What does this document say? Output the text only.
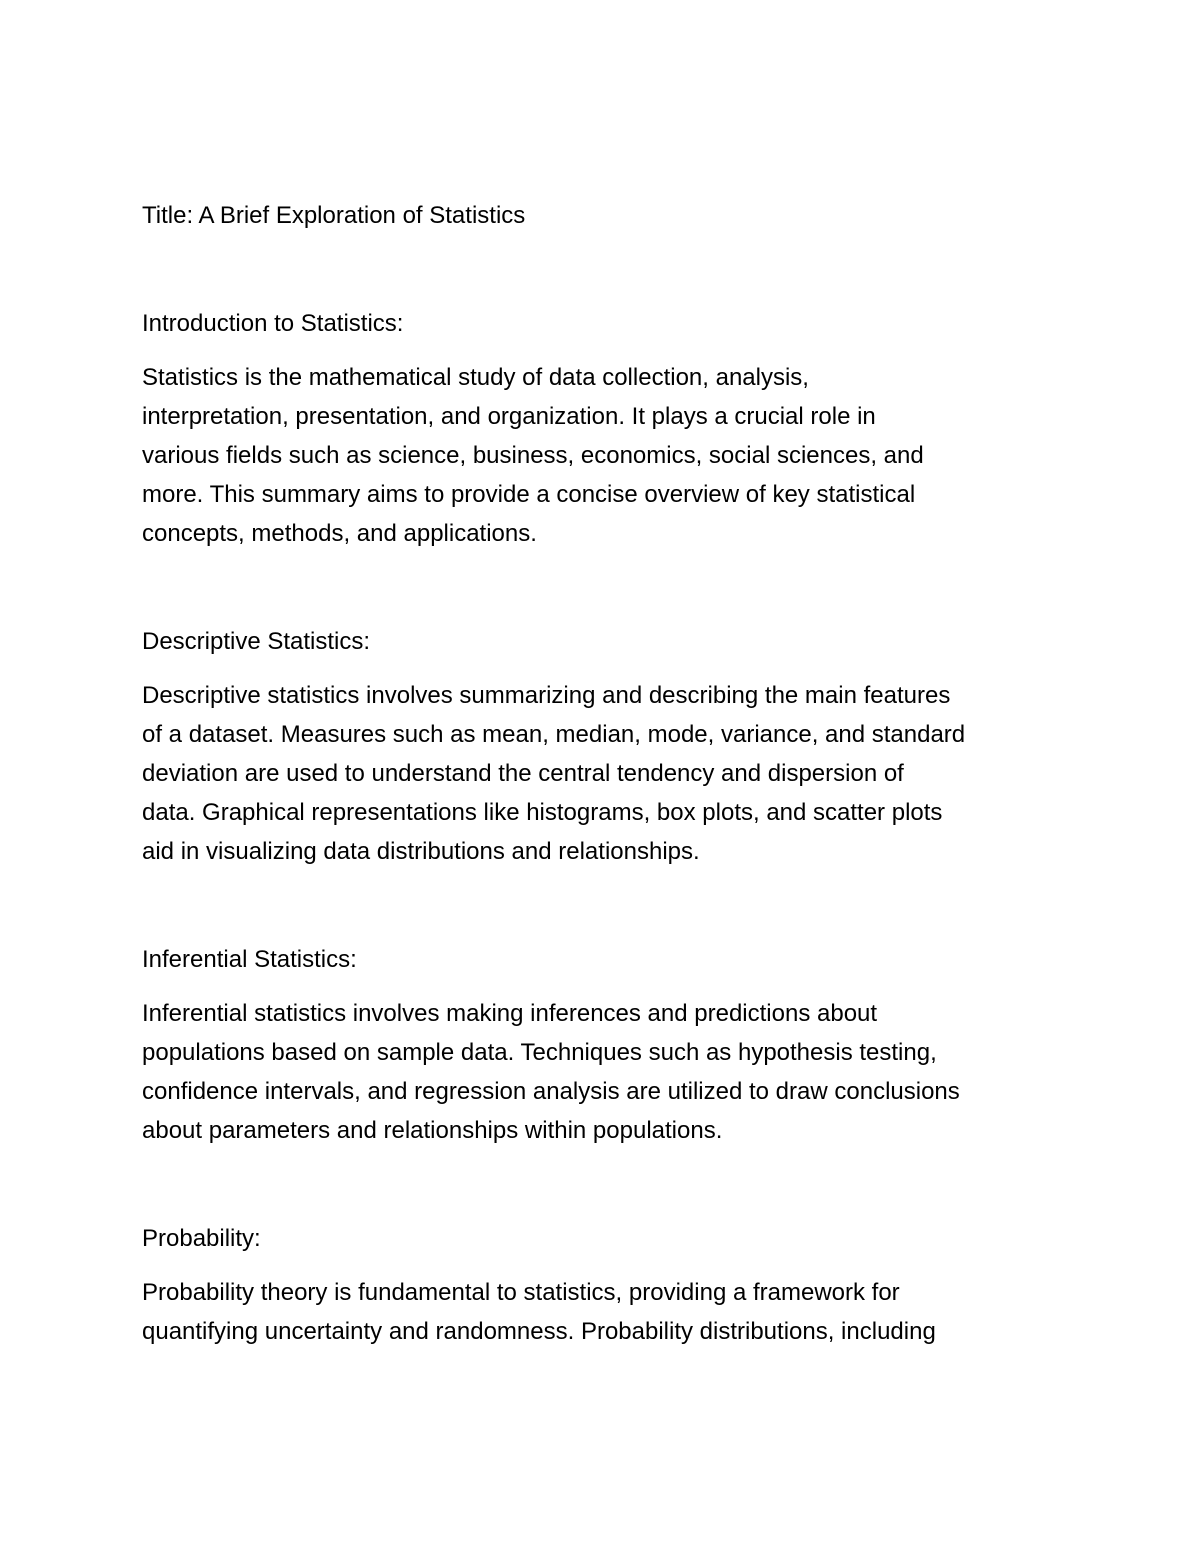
Title: A Brief Exploration of Statistics
Introduction to Statistics:
Statistics is the mathematical study of data collection, analysis,
interpretation, presentation, and organization. It plays a crucial role in
various fields such as science, business, economics, social sciences, and
more. This summary aims to provide a concise overview of key statistical
concepts, methods, and applications.
Descriptive Statistics:
Descriptive statistics involves summarizing and describing the main features
of a dataset. Measures such as mean, median, mode, variance, and standard
deviation are used to understand the central tendency and dispersion of
data. Graphical representations like histograms, box plots, and scatter plots
aid in visualizing data distributions and relationships.
Inferential Statistics:
Inferential statistics involves making inferences and predictions about
populations based on sample data. Techniques such as hypothesis testing,
confidence intervals, and regression analysis are utilized to draw conclusions
about parameters and relationships within populations.
Probability:
Probability theory is fundamental to statistics, providing a framework for
quantifying uncertainty and randomness. Probability distributions, including
